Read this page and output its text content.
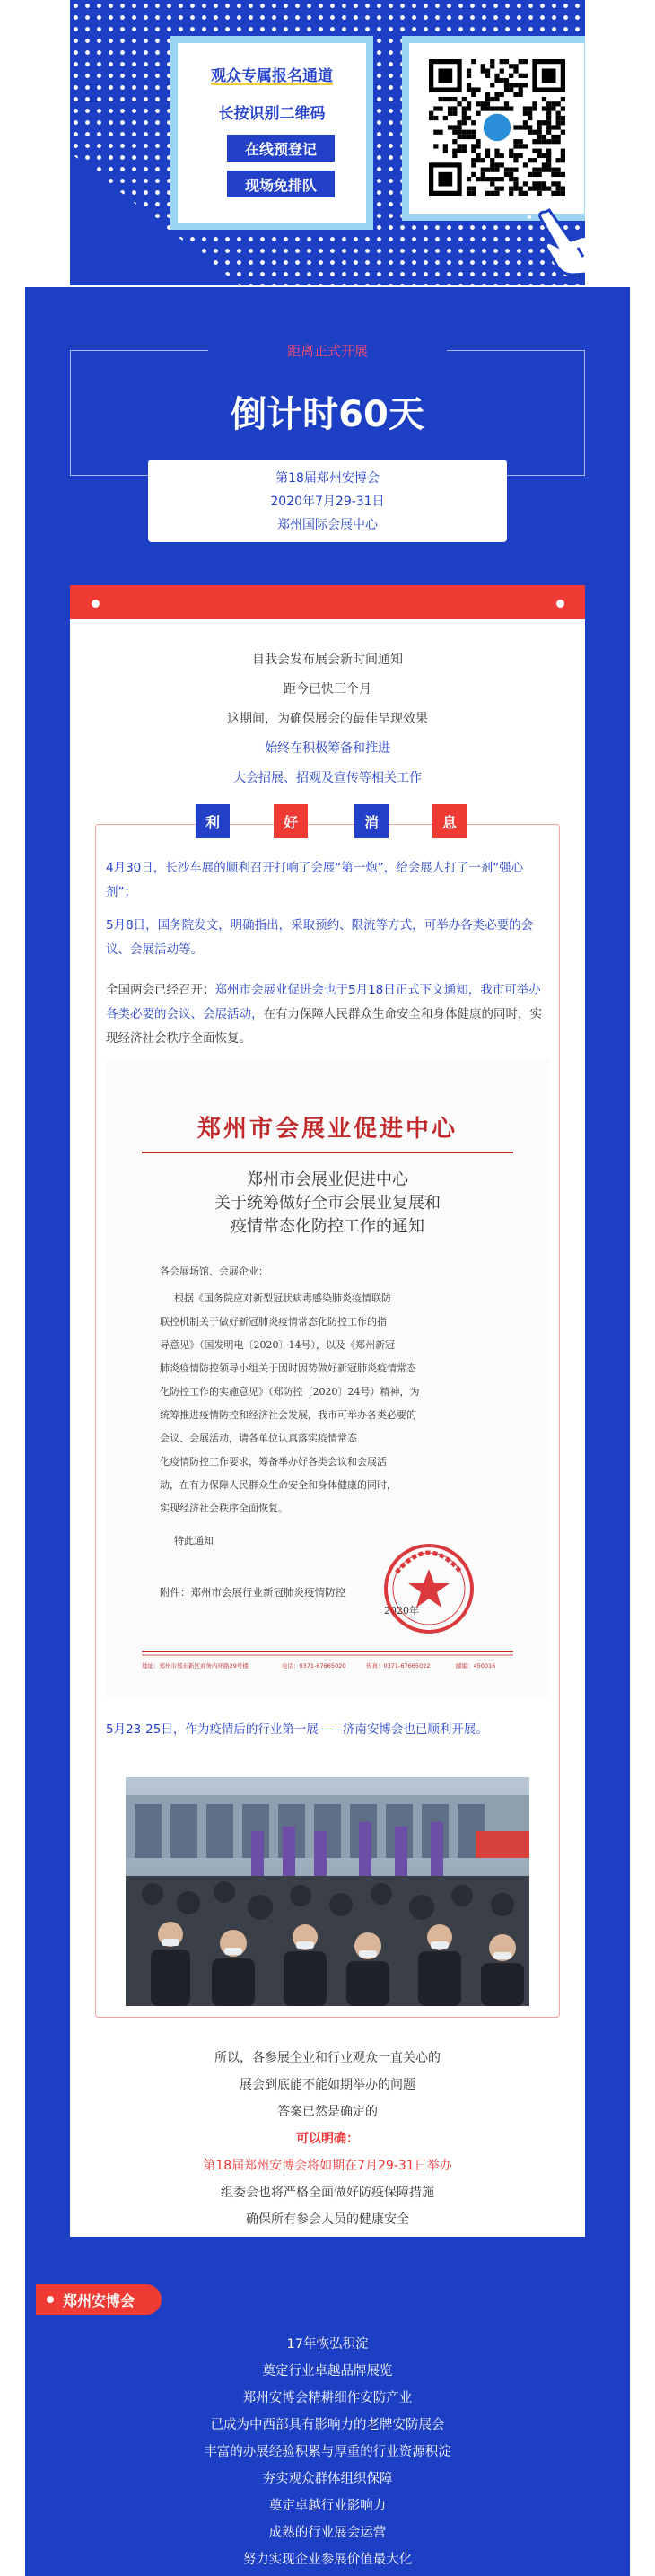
观众专属报名通道
长按识别二维码
在线预登记
现场免排队
距离正式开展
倒计时60天
第18届郑州安博会
2020年7月29-31日
郑州国际会展中心
自我会发布展会新时间通知
距今已快三个月
这期间，为确保展会的最佳呈现效果
始终在积极筹备和推进
大会招展、招观及宣传等相关工作
利	好	消	息
4月30日，长沙车展的顺利召开打响了会展“第一炮”，给会展人打了一剂“强心剂”；
5月8日，国务院发文，明确指出，采取预约、限流等方式，可举办各类必要的会议、会展活动等。
全国两会已经召开；郑州市会展业促进会也于5月18日正式下文通知，我市可举办各类必要的会议、会展活动，在有力保障人民群众生命安全和身体健康的同时，实现经济社会秩序全面恢复。
郑州市会展业促进中心
郑州市会展业促进中心
关于统筹做好全市会展业复展和
疫情常态化防控工作的通知
各会展场馆、会展企业：
根据《国务院应对新型冠状病毒感染肺炎疫情联防
联控机制关于做好新冠肺炎疫情常态化防控工作的指
导意见》（国发明电〔2020〕14号），以及《郑州新冠
肺炎疫情防控领导小组关于因时因势做好新冠肺炎疫情常态
化防控工作的实施意见》（郑防控〔2020〕24号）精神，为
统筹推进疫情防控和经济社会发展，我市可举办各类必要的
会议、会展活动，请各单位认真落实疫情常态
化疫情防控工作要求，筹备举办好各类会议和会展活
动，在有力保障人民群众生命安全和身体健康的同时，
实现经济社会秩序全面恢复。
特此通知
附件：郑州市会展行业新冠肺炎疫情防控
2020年
地址：郑州市郑东新区商务内环路29号楼	电话：0371-67665020	传真：0371-67665022	邮编：450016
5月23-25日，作为疫情后的行业第一展——济南安博会也已顺利开展。
所以，各参展企业和行业观众一直关心的
展会到底能不能如期举办的问题
答案已然是确定的
可以明确：
第18届郑州安博会将如期在7月29-31日举办
组委会也将严格全面做好防疫保障措施
确保所有参会人员的健康安全
郑州安博会
17年恢弘积淀
奠定行业卓越品牌展览
郑州安博会精耕细作安防产业
已成为中西部具有影响力的老牌安防展会
丰富的办展经验积累与厚重的行业资源积淀
夯实观众群体组织保障
奠定卓越行业影响力
成熟的行业展会运营
努力实现企业参展价值最大化
